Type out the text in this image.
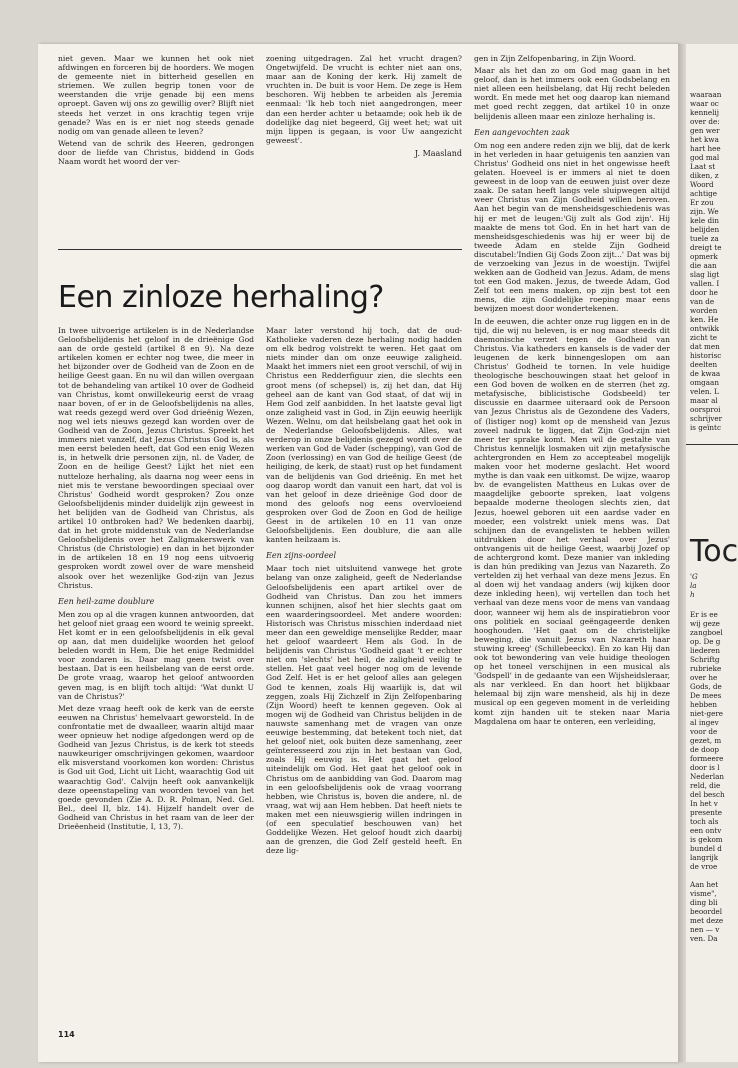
niet geven. Maar we kunnen het ook niet afdwingen en forceren bij de hoorders. We mogen de gemeente niet in bitterheid gesellen en striemen. We zullen begrip tonen voor de weerstanden die vrije genade bij een mens oproept. Gaven wij ons zo gewillig over? Blijft niet steeds het verzet in ons krachtig tegen vrije genade? Was en is er niet nog steeds genade nodig om van genade alleen te leven?

Wetend van de schrik des Heeren, gedrongen door de liefde van Christus, biddend in Gods Naam wordt het woord der ver-

zoening uitgedragen. Zal het vrucht dragen? Ongetwijfeld. De vrucht is echter niet aan ons, maar aan de Koning der kerk. Hij zamelt de vruchten in. De buit is voor Hem. De zege is Hem beschoren. Wij hebben te arbeiden als Jeremia eenmaal: 'Ik heb toch niet aangedrongen, meer dan een herder achter u betaamde; ook heb ik de dodelijke dag niet begeerd, Gij weet het; wat uit mijn lippen is gegaan, is voor Uw aangezicht geweest'.

J. Maasland
Een zinloze herhaling?

In twee uitvoerige artikelen is in de Nederlandse Geloofsbelijdenis het geloof in de drieënige God aan de orde gesteld (artikel 8 en 9). Na deze artikelen komen er echter nog twee, die meer in het bijzonder over de Godheid van de Zoon en de heilige Geest gaan. En nu wil dan willen overgaan tot de behandeling van artikel 10 over de Godheid van Christus, komt onwillekeurig eerst de vraag naar boven, of er in de Geloofsbelijdenis na alles, wat reeds gezegd werd over God drieënig Wezen, nog wel iets nieuws gezegd kan worden over de Godheid van de Zoon, Jezus Christus. Spreekt het immers niet vanzelf, dat Jezus Christus God is, als men eerst beleden heeft, dat God een enig Wezen is, in hetwelk drie personen zijn, nl. de Vader, de Zoon en de heilige Geest? Lijkt het niet een nutteloze herhaling, als daarna nog weer eens in niet mis te verstane bewoordingen speciaal over Christus' Godheid wordt gesproken? Zou onze Geloofsbelijdenis minder duidelijk zijn geweest in het belijden van de Godheid van Christus, als artikel 10 ontbroken had? We bedenken daarbij, dat in het grote middenstuk van de Nederlandse Geloofsbelijdenis over het Zaligmakerswerk van Christus (de Christologie) en dan in het bijzonder in de artikelen 18 en 19 nog eens uitvoerig gesproken wordt zowel over de ware mensheid alsook over het wezenlijke God-zijn van Jezus Christus.

Een heil-zame doublure

Men zou op al die vragen kunnen antwoorden, dat het geloof niet graag een woord te weinig spreekt. Het komt er in een geloofsbelijdenis in elk geval op aan, dat men duidelijke woorden het geloof beleden wordt in Hem, Die het enige Redmiddel voor zondaren is. Daar mag geen twist over bestaan. Dat is een heilsbelang van de eerst orde. De grote vraag, waarop het geloof antwoorden geven mag, is en blijft toch altijd: 'Wat dunkt U van de Christus?'

Met deze vraag heeft ook de kerk van de eerste eeuwen na Christus' hemelvaart geworsteld. In de confrontatie met de dwaalleer, waarin altijd maar weer opnieuw het nodige afgedongen werd op de Godheid van Jezus Christus, is de kerk tot steeds nauwkeuriger omschrijvingen gekomen, waardoor elk misverstand voorkomen kon worden: Christus is God uit God, Licht uit Licht, waarachtig God uit waarachtig God'. Calvijn heeft ook aanvankelijk deze opeenstapeling van woorden tevoel van het goede gevonden (Zie A. D. R. Polman, Ned. Gel. Bel., deel II, blz. 14). Hijzelf handelt over de Godheid van Christus in het raam van de leer der Drieëenheid (Institutie, I, 13, 7).

Maar later verstond hij toch, dat de oud-Katholieke vaderen deze herhaling nodig hadden om elk bedrog volstrekt te weren. Het gaat om niets minder dan om onze eeuwige zaligheid. Maakt het immers niet een groot verschil, of wij in Christus een Redderfiguur zien, die slechts een groot mens (of schepsel) is, zij het dan, dat Hij geheel aan de kant van God staat, of dat wij in Hem God zelf aanbidden. In het laatste geval ligt onze zaligheid vast in God, in Zijn eeuwig heerlijk Wezen. Welnu, om dat heilsbelang gaat het ook in de Nederlandse Geloofsbelijdenis. Alles, wat verderop in onze belijdenis gezegd wordt over de werken van God de Vader (schepping), van God de Zoon (verlossing) en van God de heilige Geest (de heiliging, de kerk, de staat) rust op het fundament van de belijdenis van God drieënig. En met het oog daarop wordt dan vanuit een hart, dat vol is van het geloof in deze drieënige God door de mond des geloofs nog eens overvloeiend gesproken over God de Zoon en God de heilige Geest in de artikelen 10 en 11 van onze Geloofsbelijdenis. Een doublure, die aan alle kanten heilzaam is.

Een zijns-oordeel

Maar toch niet uitsluitend vanwege het grote belang van onze zaligheid, geeft de Nederlandse Geloofsbelijdenis een apart artikel over de Godheid van Christus. Dan zou het immers kunnen schijnen, alsof het hier slechts gaat om een waarderingsoordeel. Met andere woorden: Historisch was Christus misschien inderdaad niet meer dan een geweldige menselijke Redder, maar het geloof waardeert Hem als God. In de belijdenis van Christus 'Godheid gaat 't er echter niet om 'slechts' het heil, de zaligheid veilig te stellen. Het gaat veel hoger nog om de levende God Zelf. Het is er het geloof alles aan gelegen God te kennen, zoals Hij waarlijk is, dat wil zeggen, zoals Hij Zichzelf in Zijn Zelfopenbaring (Zijn Woord) heeft te kennen gegeven. Ook al mogen wij de Godheid van Christus belijden in de nauwste samenhang met de vragen van onze eeuwige bestemming, dat betekent toch niet, dat het geloof niet, ook buiten deze samenhang, zeer geïnteresseerd zou zijn in het bestaan van God, zoals Hij eeuwig is. Het gaat het geloof uiteindelijk om God. Het gaat het geloof ook in Christus om de aanbidding van God. Daarom mag in een geloofsbelijdenis ook de vraag voorrang hebben, wie Christus is, boven die andere, nl. de vraag, wat wij aan Hem hebben. Dat heeft niets te maken met een nieuwsgierig willen indringen in (of een speculatief beschouwen van) het Goddelijke Wezen. Het geloof houdt zich daarbij aan de grenzen, die God Zelf gesteld heeft. En deze lig-

gen in Zijn Zelfopenbaring, in Zijn Woord.

Maar als het dan zo om God mag gaan in het geloof, dan is het immers ook een Godsbelang en niet alleen een heilsbelang, dat Hij recht beleden wordt. En mede met het oog daarop kan niemand met goed recht zeggen, dat artikel 10 in onze belijdenis alleen maar een zinloze herhaling is.

Een aangevochten zaak

Om nog een andere reden zijn we blij, dat de kerk in het verleden in haar getuigenis ten aanzien van Christus' Godheid ons niet in het ongewisse heeft gelaten. Hoeveel is er immers al niet te doen geweest in de loop van de eeuwen juist over deze zaak. De satan heeft langs vele sluipwegen altijd weer Christus van Zijn Godheid willen beroven. Aan het begin van de mensheidsgeschiedenis was hij er met de leugen:'Gij zult als God zijn'. Hij maakte de mens tot God. En in het hart van de mensheidsgeschiedenis was hij er weer bij de tweede Adam en stelde Zijn Godheid discutabel:'Indien Gij Gods Zoon zijt...' Dat was bij de verzoeking van Jezus in de woestijn. Twijfel wekken aan de Godheid van Jezus. Adam, de mens tot een God maken. Jezus, de tweede Adam, God Zelf tot een mens maken, op zijn best tot een mens, die zijn Goddelijke roeping maar eens bewijzen moest door wondertekenen.

In de eeuwen, die achter onze rug liggen en in de tijd, die wij nu beleven, is er nog maar steeds dit daemonische verzet tegen de Godheid van Christus. Via katheders en kansels is de vader der leugenen de kerk binnengeslopen om aan Christus' Godheid te tornen. In vele huidige theologische beschouwingen staat het geloof in een God boven de wolken en de sterren (het zg. metafysische, biblicistische Godsbeeld) ter discussie en daarmee uiteraard ook de Persoon van Jezus Christus als de Gezondene des Vaders, of (listiger nog) komt op de mensheid van Jezus zoveel nadruk te liggen, dat Zijn God-zijn niet meer ter sprake komt. Men wil de gestalte van Christus kennelijk losmaken uit zijn metafysische achtergronden en Hem zo accepteabel mogelijk maken voor het moderne geslacht. Het woord mythe is dan vaak een uitkomst. De wijze, waarop bv. de evangelisten Mattheus en Lukas over de maagdelijke geboorte spreken, laat volgens bepaalde moderne theologen slechts zien, dat Jezus, hoewel geboren uit een aardse vader en moeder, een volstrekt uniek mens was. Dat schijnen dan de evangelisten te hebben willen uitdrukken door het verhaal over Jezus' ontvangenis uit de heilige Geest, waarbij Jozef op de achtergrond komt. Deze manier van inkleding is dan hún prediking van Jezus van Nazareth. Zo vertelden zij het verhaal van deze mens Jezus. En al doen wij het vandaag anders (wij kijken door deze inkleding heen), wij vertellen dan toch het verhaal van deze mens voor de mens van vandaag door, wanneer wij hem als de inspiratiebron voor ons politiek en sociaal geëngageerde denken hooghouden. 'Het gaat om de christelijke beweging, die vanuit Jezus van Nazareth haar stuwing kreeg' (Schillebeeckx). En zo kan Hij dan ook tot bewondering van vele huidige theologen op het toneel verschijnen in een musical als 'Godspell' in de gedaante van een Wijsheidsleraar, als nar verkleed. En dan hoort het blijkbaar helemaal bij zijn ware mensheid, als hij in deze musical op een gegeven moment in de verleiding komt zijn handen uit te steken naar Maria Magdalena om haar te onteren, een verleiding,

114
waaraan
waar oc
kennelij
over de:
gen wer
het kwa
hart hee
god mal
Laat st
diken, z
Woord
achtige
Er zou
zijn. We
kele din
belijden
tuele za
dreigt te
opmerk
die aan
slag ligt
vallen. I
door he
van de
worden
ken. He
ontwikk
zicht te
dat men
historisc
deelten
de kwaa
omgaan
velen. L
maar al
oorsproi
schrijver
is geïntc
Toc
'G
la
h
Er is ee
wij geze
zangboel
op. De g
liederen
Schriftg
rubrieke
over he
Gods, de
De mees
hebben
niet-gere
al ingev
voor de
gezet, m
de doop
formeere
door is l
Nederlan
reld, die
del besch
In het v
presente
toch als
een ontv
is gekom
bundel d
langrijk
de vroe

Aan het
visme",
ding bli
beoordel
met deze
nen — v
ven. Da
